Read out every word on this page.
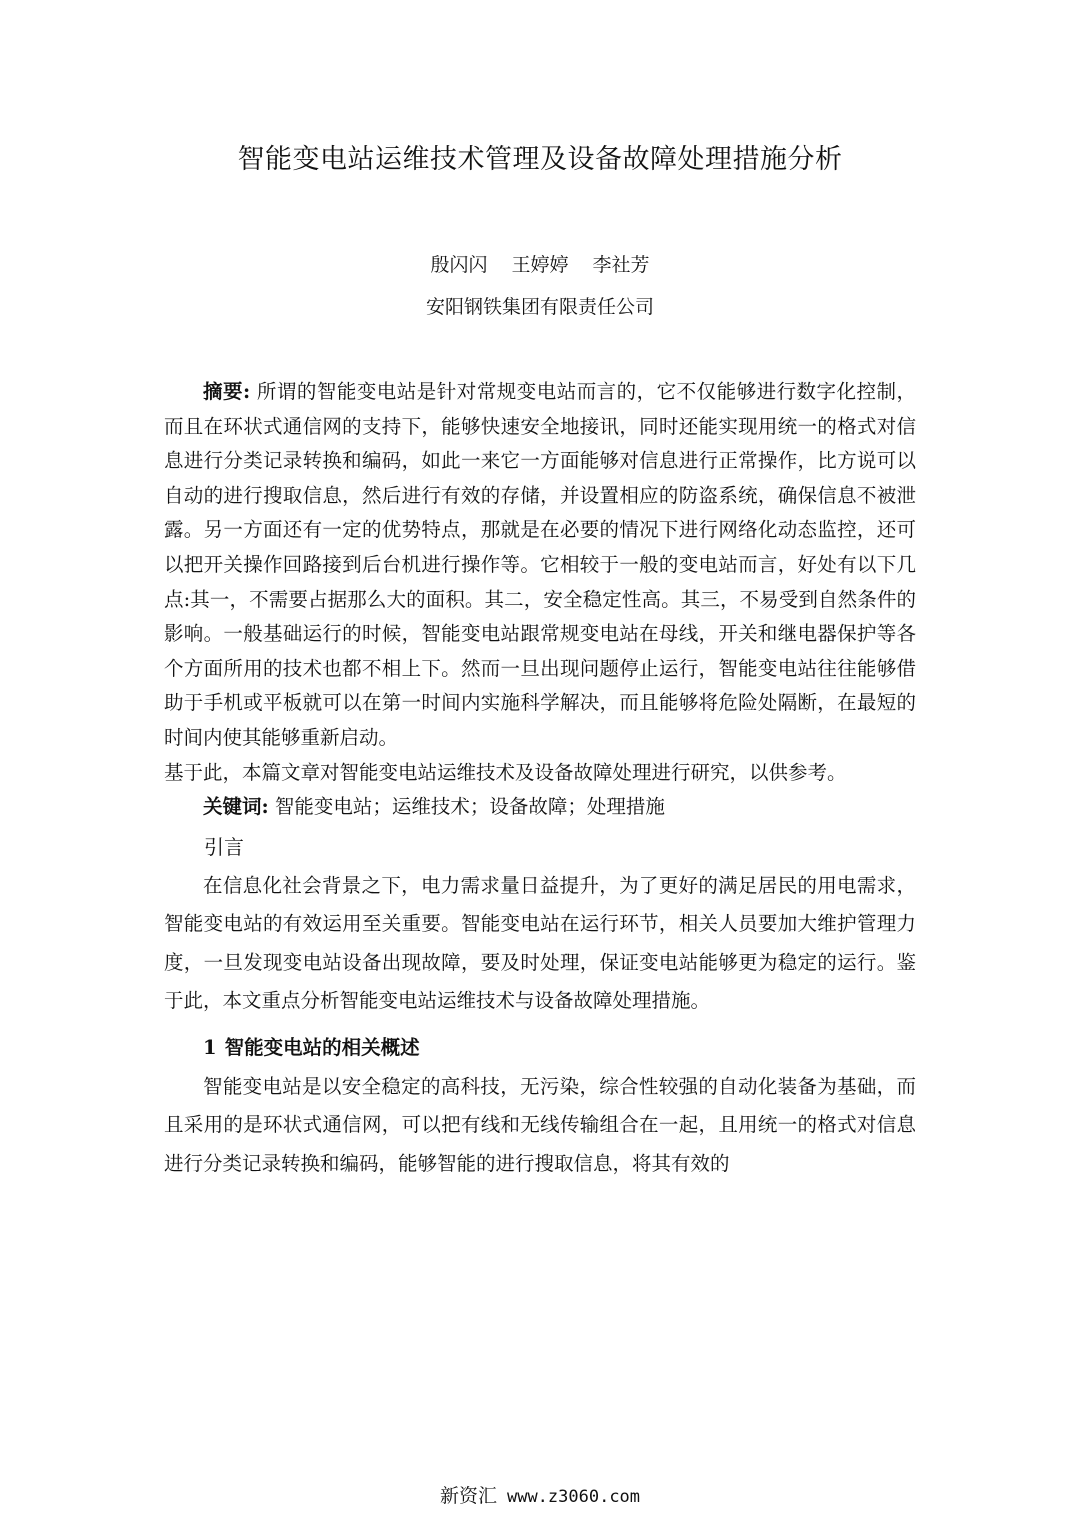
智能变电站运维技术管理及设备故障处理措施分析
殷闪闪 王婷婷 李社芳
安阳钢铁集团有限责任公司

摘要: 所谓的智能变电站是针对常规变电站而言的，它不仅能够进行数字化控制，而且在环状式通信网的支持下，能够快速安全地接讯，同时还能实现用统一的格式对信息进行分类记录转换和编码，如此一来它一方面能够对信息进行正常操作，比方说可以自动的进行搜取信息，然后进行有效的存储，并设置相应的防盗系统，确保信息不被泄露。另一方面还有一定的优势特点，那就是在必要的情况下进行网络化动态监控，还可以把开关操作回路接到后台机进行操作等。它相较于一般的变电站而言，好处有以下几点:其一，不需要占据那么大的面积。其二，安全稳定性高。其三，不易受到自然条件的影响。一般基础运行的时候，智能变电站跟常规变电站在母线，开关和继电器保护等各个方面所用的技术也都不相上下。然而一旦出现问题停止运行，智能变电站往往能够借助于手机或平板就可以在第一时间内实施科学解决，而且能够将危险处隔断，在最短的时间内使其能够重新启动。

基于此，本篇文章对智能变电站运维技术及设备故障处理进行研究，以供参考。

关键词: 智能变电站；运维技术；设备故障；处理措施

引言

在信息化社会背景之下，电力需求量日益提升，为了更好的满足居民的用电需求，智能变电站的有效运用至关重要。智能变电站在运行环节，相关人员要加大维护管理力度，一旦发现变电站设备出现故障，要及时处理，保证变电站能够更为稳定的运行。鉴于此，本文重点分析智能变电站运维技术与设备故障处理措施。

1 智能变电站的相关概述

智能变电站是以安全稳定的高科技，无污染，综合性较强的自动化装备为基础，而且采用的是环状式通信网，可以把有线和无线传输组合在一起，且用统一的格式对信息进行分类记录转换和编码，能够智能的进行搜取信息，将其有效的

新资汇 www.z3060.com
